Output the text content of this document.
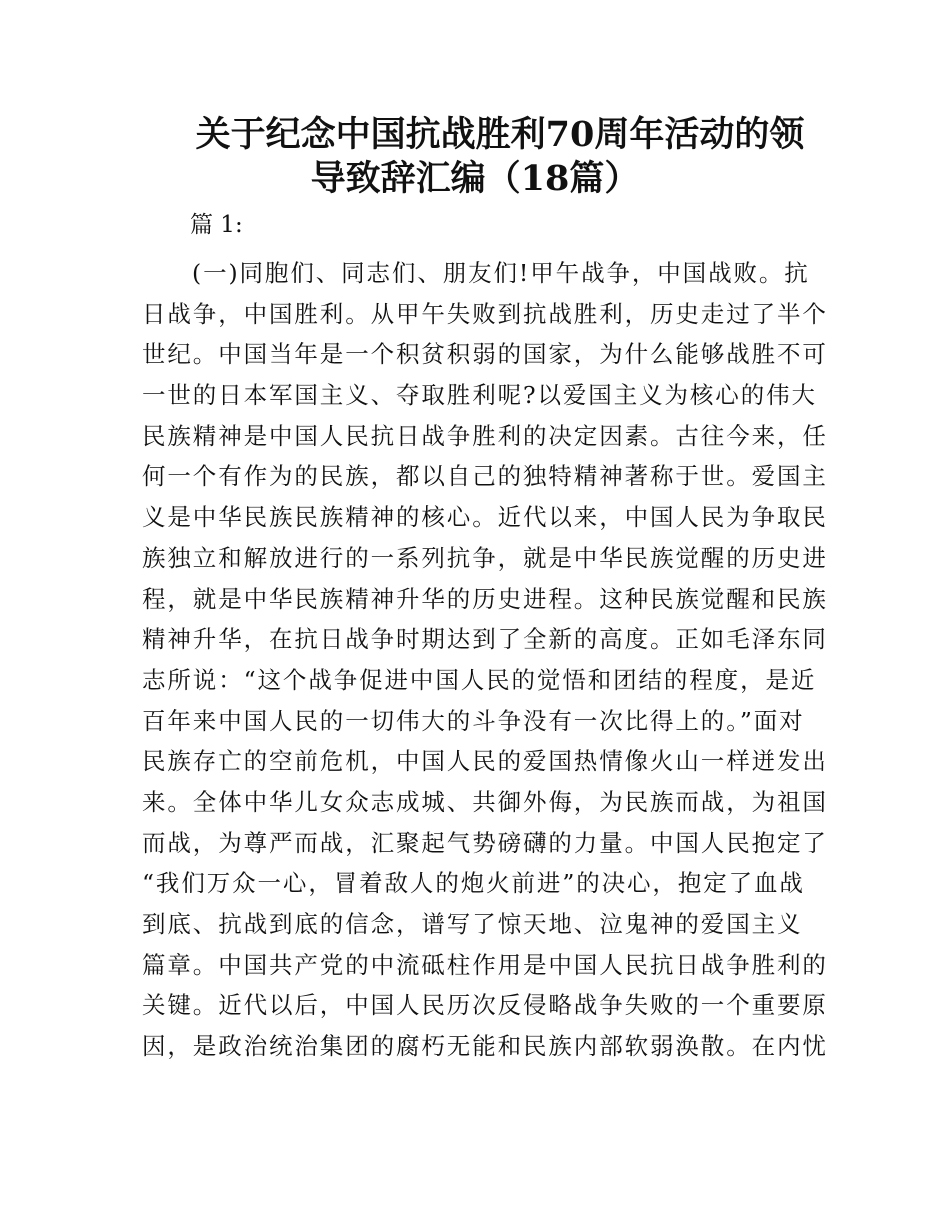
关于纪念中国抗战胜利70周年活动的领
导致辞汇编（18篇）

篇 1:

(一)同胞们、同志们、朋友们!甲午战争，中国战败。抗
日战争，中国胜利。从甲午失败到抗战胜利，历史走过了半个
世纪。中国当年是一个积贫积弱的国家，为什么能够战胜不可
一世的日本军国主义、夺取胜利呢?以爱国主义为核心的伟大
民族精神是中国人民抗日战争胜利的决定因素。古往今来，任
何一个有作为的民族，都以自己的独特精神著称于世。爱国主
义是中华民族民族精神的核心。近代以来，中国人民为争取民
族独立和解放进行的一系列抗争，就是中华民族觉醒的历史进
程，就是中华民族精神升华的历史进程。这种民族觉醒和民族
精神升华，在抗日战争时期达到了全新的高度。正如毛泽东同
志所说：“这个战争促进中国人民的觉悟和团结的程度，是近
百年来中国人民的一切伟大的斗争没有一次比得上的。”面对
民族存亡的空前危机，中国人民的爱国热情像火山一样迸发出
来。全体中华儿女众志成城、共御外侮，为民族而战，为祖国
而战，为尊严而战，汇聚起气势磅礴的力量。中国人民抱定了
“我们万众一心，冒着敌人的炮火前进”的决心，抱定了血战
到底、抗战到底的信念，谱写了惊天地、泣鬼神的爱国主义
篇章。中国共产党的中流砥柱作用是中国人民抗日战争胜利的
关键。近代以后，中国人民历次反侵略战争失败的一个重要原
因，是政治统治集团的腐朽无能和民族内部软弱涣散。在内忧
